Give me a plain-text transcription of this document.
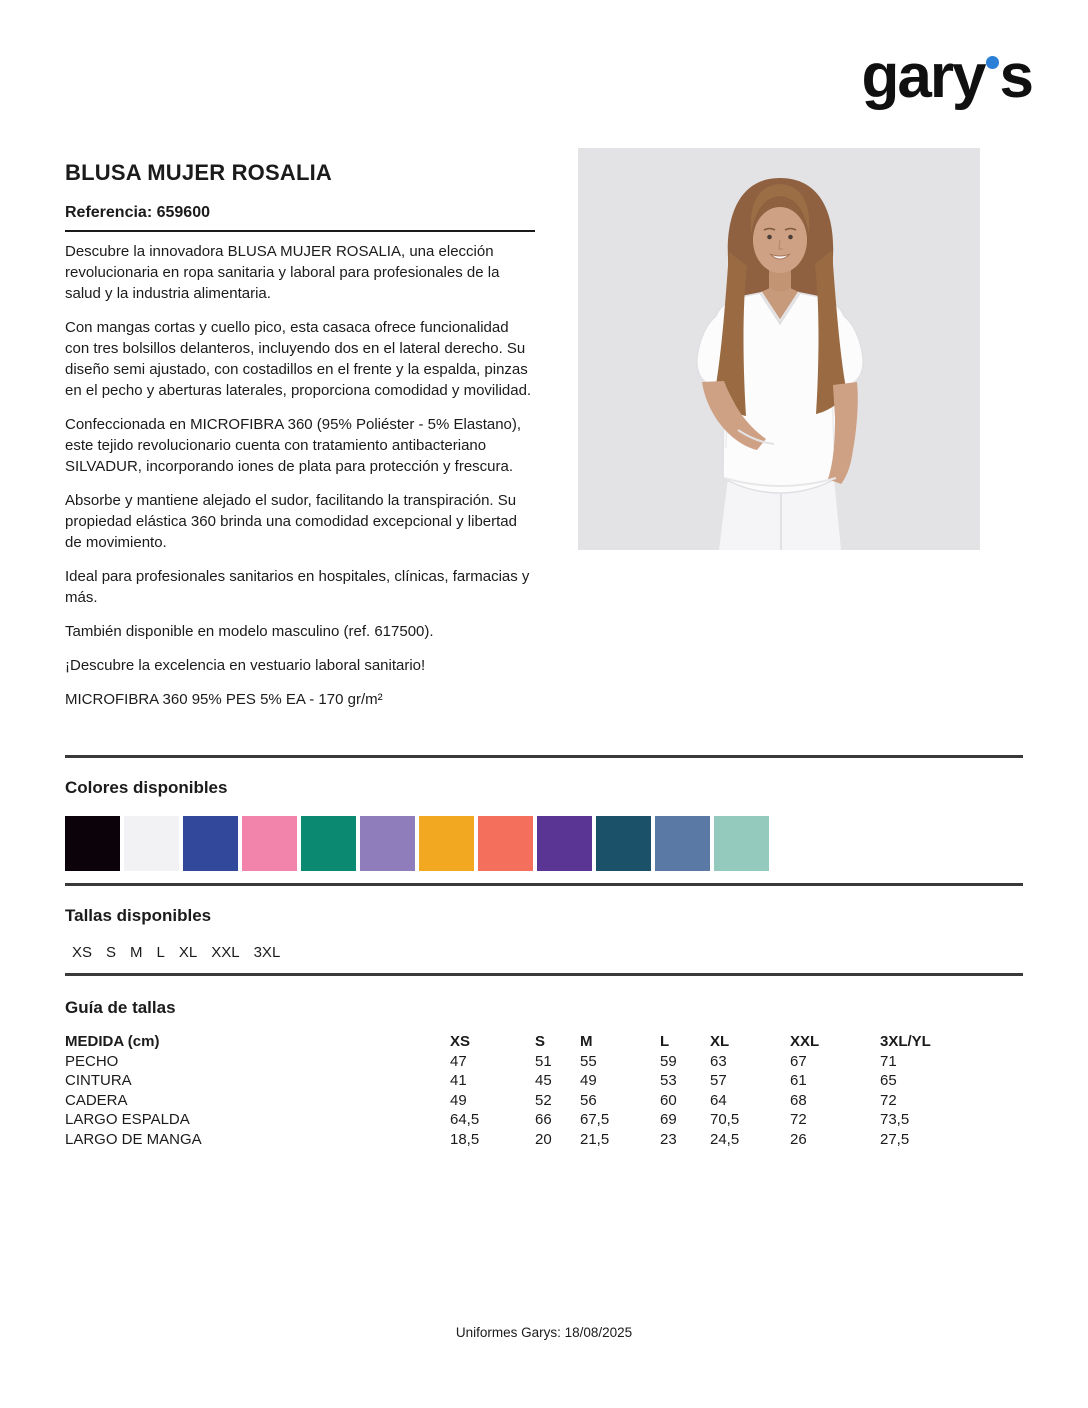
gary s
BLUSA MUJER ROSALIA
Referencia: 659600

Descubre la innovadora BLUSA MUJER ROSALIA, una elección revolucionaria en ropa sanitaria y laboral para profesionales de la salud y la industria alimentaria.

Con mangas cortas y cuello pico, esta casaca ofrece funcionalidad con tres bolsillos delanteros, incluyendo dos en el lateral derecho. Su diseño semi ajustado, con costadillos en el frente y la espalda, pinzas en el pecho y aberturas laterales, proporciona comodidad y movilidad.

Confeccionada en MICROFIBRA 360 (95% Poliéster - 5% Elastano), este tejido revolucionario cuenta con tratamiento antibacteriano SILVADUR, incorporando iones de plata para protección y frescura.

Absorbe y mantiene alejado el sudor, facilitando la transpiración. Su propiedad elástica 360 brinda una comodidad excepcional y libertad de movimiento.

Ideal para profesionales sanitarios en hospitales, clínicas, farmacias y más.

También disponible en modelo masculino (ref. 617500).

¡Descubre la excelencia en vestuario laboral sanitario!

MICROFIBRA 360 95% PES 5% EA - 170 gr/m²

Colores disponibles
Tallas disponibles
XS S M L XL XXL 3XL
Guía de tallas
MEDIDA (cm)	XS	S	M	L	XL	XXL	3XL/YL
PECHO	47	51	55	59	63	67	71
CINTURA	41	45	49	53	57	61	65
CADERA	49	52	56	60	64	68	72
LARGO ESPALDA	64,5	66	67,5	69	70,5	72	73,5
LARGO DE MANGA	18,5	20	21,5	23	24,5	26	27,5
Uniformes Garys: 18/08/2025
